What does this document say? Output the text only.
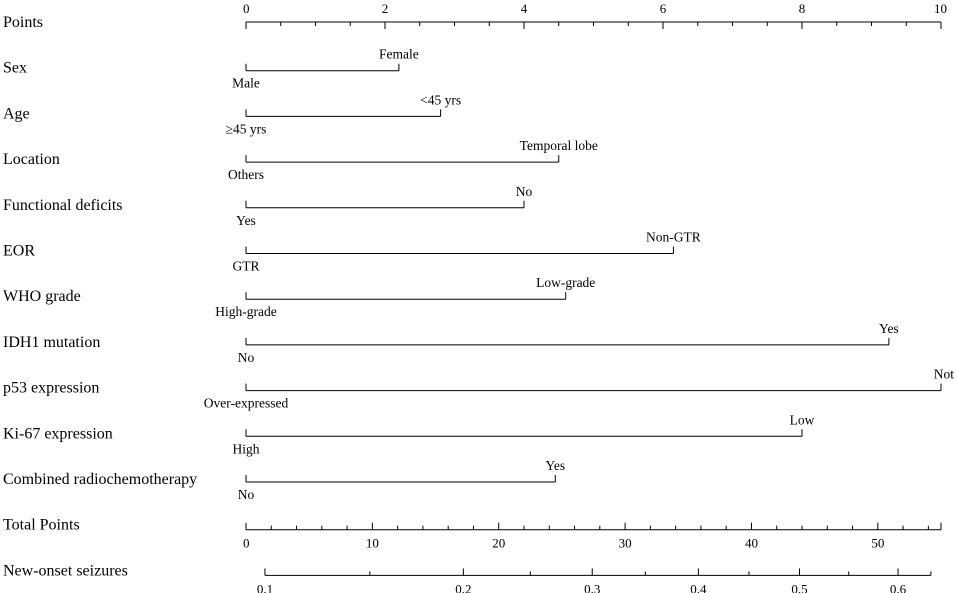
Points
0	2	4	6	8	10
Sex
Male
Female
Age
≥45 yrs
<45 yrs
Location
Others
Temporal lobe
Functional deficits
Yes
No
EOR
GTR
Non-GTR
WHO grade
High-grade
Low-grade
IDH1 mutation
No
Yes
p53 expression
Over-expressed
Not
Ki-67 expression
High
Low
Combined radiochemotherapy
No
Yes
Total Points
0	10	20	30	40	50
New-onset seizures
0.1	0.2	0.3	0.4	0.5	0.6
